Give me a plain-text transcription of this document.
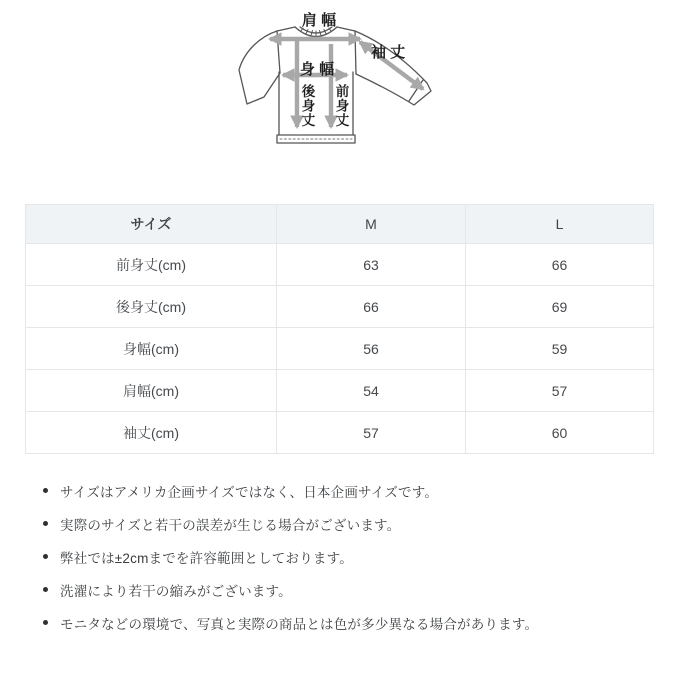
肩 幅
袖 丈
身 幅
後身丈 前身丈
サイズ	M	L
前身丈(cm)	63	66
後身丈(cm)	66	69
身幅(cm)	56	59
肩幅(cm)	54	57
袖丈(cm)	57	60
サイズはアメリカ企画サイズではなく、日本企画サイズです。
実際のサイズと若干の誤差が生じる場合がございます。
弊社では±2cmまでを許容範囲としております。
洗濯により若干の縮みがございます。
モニタなどの環境で、写真と実際の商品とは色が多少異なる場合があります。
